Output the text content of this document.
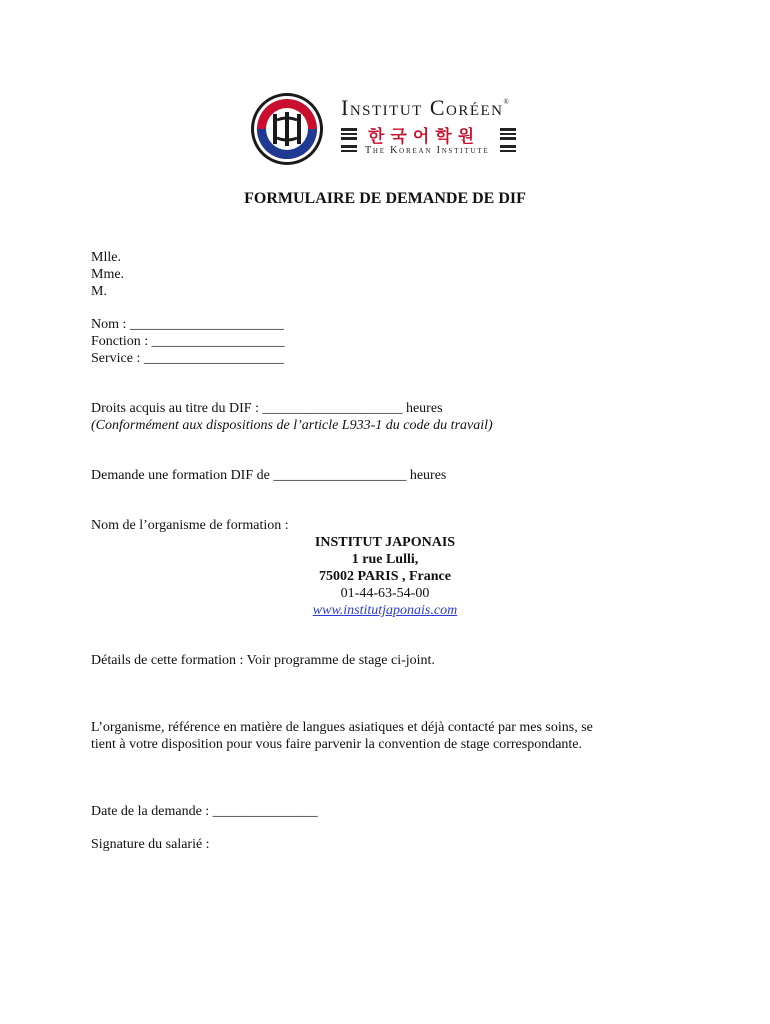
Institut Coréen®
한국어학원
The Korean Institute
FORMULAIRE DE DEMANDE DE DIF
Mlle.
Mme.
M.
Nom : ______________________
Fonction : ___________________
Service : ____________________
Droits acquis au titre du DIF : ____________________ heures
(Conformément aux dispositions de l’article L933-1 du code du travail)
Demande une formation DIF de ___________________ heures
Nom de l’organisme de formation :
INSTITUT JAPONAIS
1 rue Lulli,
75002 PARIS , France
01-44-63-54-00
www.institutjaponais.com
Détails de cette formation : Voir programme de stage ci-joint.
L’organisme, référence en matière de langues asiatiques et déjà contacté par mes soins, se
tient à votre disposition pour vous faire parvenir la convention de stage correspondante.
Date de la demande : _______________
Signature du salarié :
